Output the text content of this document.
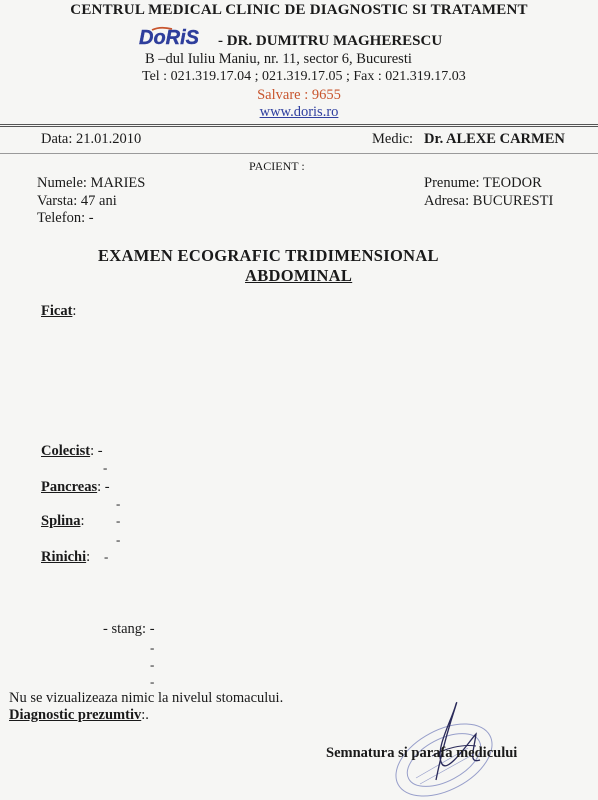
CENTRUL MEDICAL CLINIC DE DIAGNOSTIC SI TRATAMENT
DoRiS - DR. DUMITRU MAGHERESCU
B –dul Iuliu Maniu, nr. 11, sector 6, Bucuresti
Tel : 021.319.17.04 ; 021.319.17.05 ; Fax : 021.319.17.03
Salvare : 9655
www.doris.ro
Data: 21.01.2010	Medic: Dr. ALEXE CARMEN
PACIENT :
Numele: MARIES
Varsta: 47 ani
Telefon: -
Prenume: TEODOR
Adresa: BUCURESTI
EXAMEN ECOGRAFIC TRIDIMENSIONAL
ABDOMINAL
Ficat:
Colecist: -
-
Pancreas: -
-
Splina: -
-
Rinichi: -
- stang: -
-
-
-
Nu se vizualizeaza nimic la nivelul stomacului.
Diagnostic prezumtiv:.
Semnatura si parafa medicului
